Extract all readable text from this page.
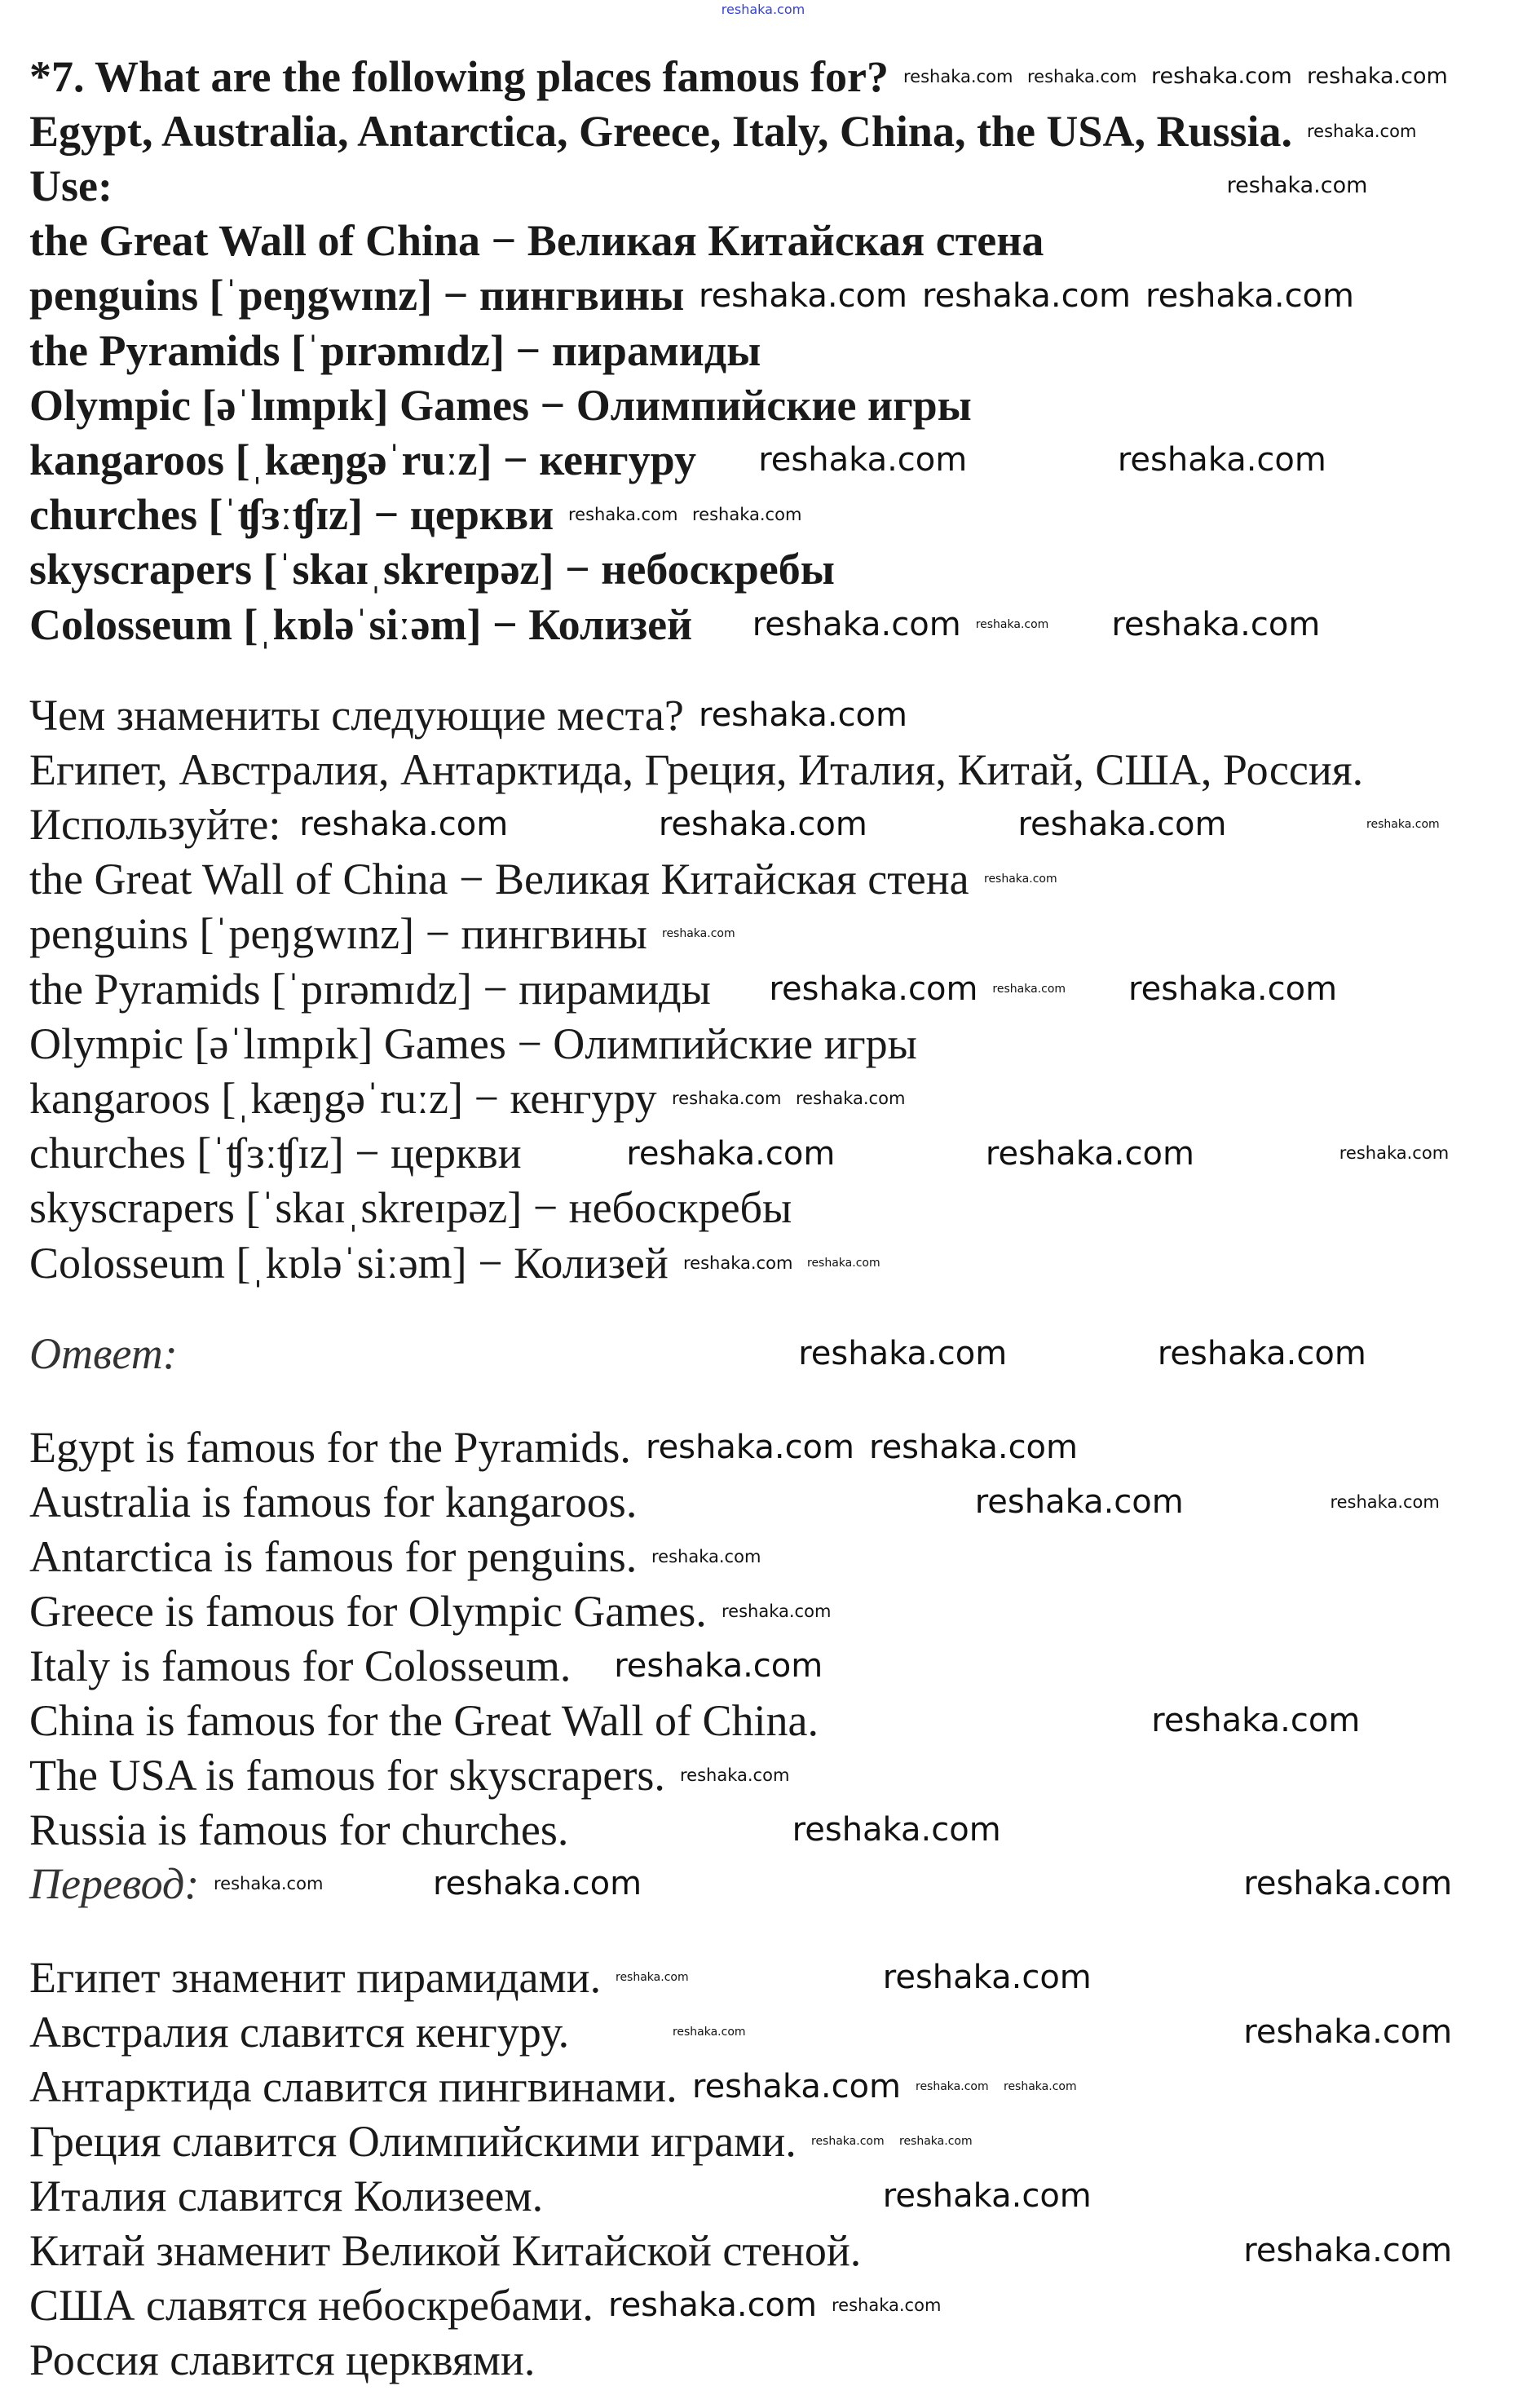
reshaka.com
*7. What are the following places famous for?
Egypt, Australia, Antarctica, Greece, Italy, China, the USA, Russia.
Use:
the Great Wall of China − Великая Китайская стена
penguins [ˈpeŋgwɪnz] − пингвины
the Pyramids [ˈpɪrəmɪdz] − пирамиды
Olympic [əˈlɪmpɪk] Games − Олимпийские игры
kangaroos [ˌkæŋgəˈruːz] − кенгуру
churches [ˈʧɜːʧɪz] − церкви
skyscrapers [ˈskaɪˌskreɪpəz] − небоскребы
Colosseum [ˌkɒləˈsiːəm] − Колизей
Чем знамениты следующие места?
Египет, Австралия, Антарктида, Греция, Италия, Китай, США, Россия.
Используйте:
the Great Wall of China − Великая Китайская стена
penguins [ˈpeŋgwɪnz] − пингвины
the Pyramids [ˈpɪrəmɪdz] − пирамиды
Olympic [əˈlɪmpɪk] Games − Олимпийские игры
kangaroos [ˌkæŋgəˈruːz] − кенгуру
churches [ˈʧɜːʧɪz] − церкви
skyscrapers [ˈskaɪˌskreɪpəz] − небоскребы
Colosseum [ˌkɒləˈsiːəm] − Колизей
Ответ:
Egypt is famous for the Pyramids.
Australia is famous for kangaroos.
Antarctica is famous for penguins.
Greece is famous for Olympic Games.
Italy is famous for Colosseum.
China is famous for the Great Wall of China.
The USA is famous for skyscrapers.
Russia is famous for churches.
Перевод:
Египет знаменит пирамидами.
Австралия славится кенгуру.
Антарктида славится пингвинами.
Греция славится Олимпийскими играми.
Италия славится Колизеем.
Китай знаменит Великой Китайской стеной.
США славятся небоскребами.
Россия славится церквями.
reshaka.com reshaka.com reshaka.com
reshaka.com	reshaka.com
reshaka.com
reshaka.com	reshaka.com
reshaka.com	reshaka.com
reshaka.com
reshaka.com	reshaka.com
reshaka.com	reshaka.com
reshaka.com	reshaka.com
reshaka.com reshaka.com
reshaka.com
reshaka.com
reshaka.com
reshaka.com
reshaka.com	reshaka.com
reshaka.com
reshaka.com
reshaka.com
reshaka.com
reshaka.com
reshaka.com
reshaka.com
reshaka.com reshaka.com reshaka.com reshaka.com
reshaka.com
reshaka.com reshaka.com
reshaka.com
reshaka.com
reshaka.com
reshaka.com
reshaka.com
reshaka.com reshaka.com
reshaka.com
reshaka.com reshaka.com
reshaka.com
reshaka.com
reshaka.com
reshaka.com
reshaka.com
reshaka.com
reshaka.com
reshaka.com
reshaka.com
reshaka.com reshaka.com
reshaka.com
